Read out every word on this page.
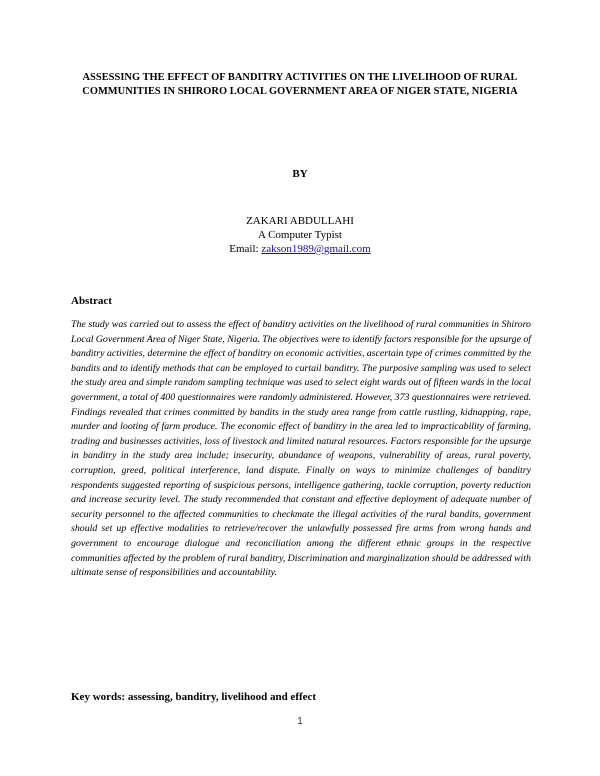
ASSESSING THE EFFECT OF BANDITRY ACTIVITIES ON THE LIVELIHOOD OF RURAL COMMUNITIES IN SHIRORO LOCAL GOVERNMENT AREA OF NIGER STATE, NIGERIA
BY
ZAKARI ABDULLAHI
A Computer Typist
Email: zakson1989@gmail.com
Abstract
The study was carried out to assess the effect of banditry activities on the livelihood of rural communities in Shiroro Local Government Area of Niger State, Nigeria. The objectives were to identify factors responsible for the upsurge of banditry activities, determine the effect of banditry on economic activities, ascertain type of crimes committed by the bandits and to identify methods that can be employed to curtail banditry. The purposive sampling was used to select the study area and simple random sampling technique was used to select eight wards out of fifteen wards in the local government, a total of 400 questionnaires were randomly administered. However, 373 questionnaires were retrieved. Findings revealed that crimes committed by bandits in the study area range from cattle rustling, kidnapping, rape, murder and looting of farm produce. The economic effect of banditry in the area led to impracticability of farming, trading and businesses activities, loss of livestock and limited natural resources. Factors responsible for the upsurge in banditry in the study area include; insecurity, abundance of weapons, vulnerability of areas, rural poverty, corruption, greed, political interference, land dispute. Finally on ways to minimize challenges of banditry respondents suggested reporting of suspicious persons, intelligence gathering, tackle corruption, poverty reduction and increase security level. The study recommended that constant and effective deployment of adequate number of security personnel to the affected communities to checkmate the illegal activities of the rural bandits, government should set up effective modalities to retrieve/recover the unlawfully possessed fire arms from wrong hands and government to encourage dialogue and reconciliation among the different ethnic groups in the respective communities affected by the problem of rural banditry, Discrimination and marginalization should be addressed with ultimate sense of responsibilities and accountability.
Key words: assessing, banditry, livelihood and effect
1
